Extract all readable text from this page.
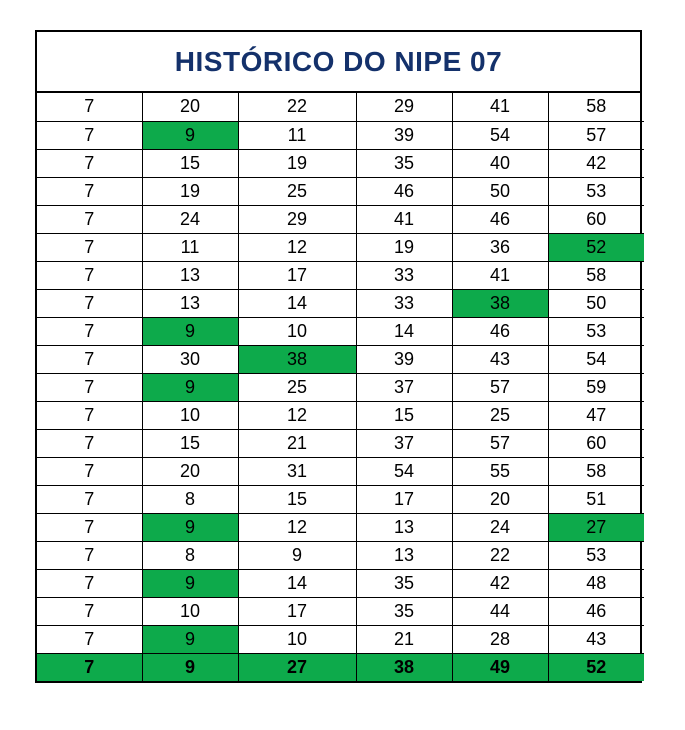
HISTÓRICO DO NIPE 07
7	20	22	29	41	58
7	9	11	39	54	57
7	15	19	35	40	42
7	19	25	46	50	53
7	24	29	41	46	60
7	11	12	19	36	52
7	13	17	33	41	58
7	13	14	33	38	50
7	9	10	14	46	53
7	30	38	39	43	54
7	9	25	37	57	59
7	10	12	15	25	47
7	15	21	37	57	60
7	20	31	54	55	58
7	8	15	17	20	51
7	9	12	13	24	27
7	8	9	13	22	53
7	9	14	35	42	48
7	10	17	35	44	46
7	9	10	21	28	43
7	9	27	38	49	52
